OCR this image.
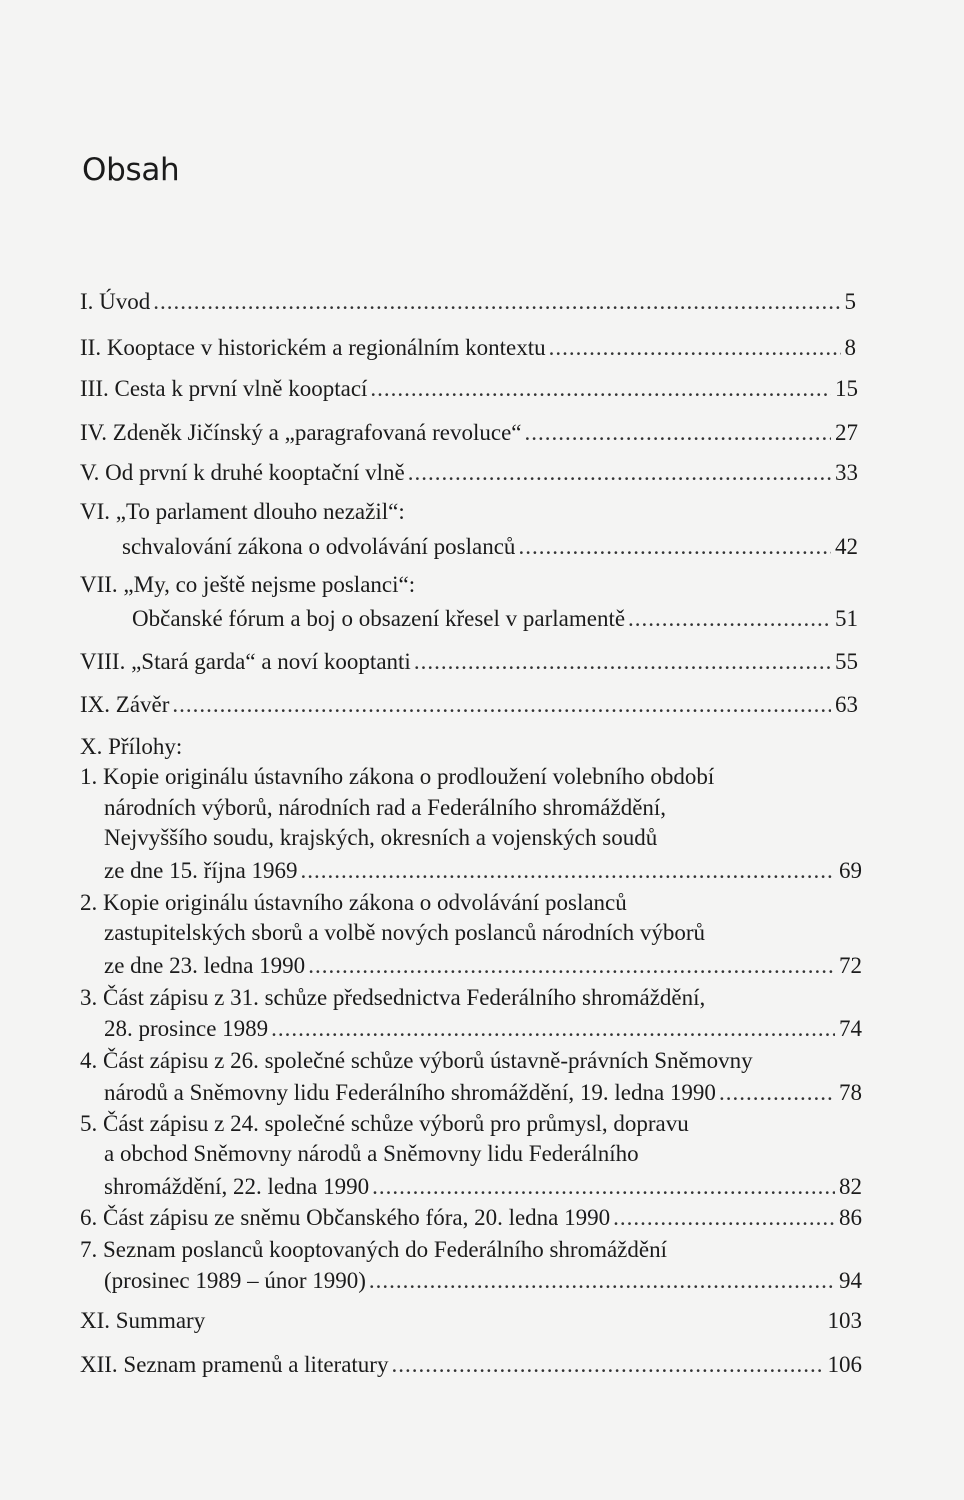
Obsah
I. Úvod .....	5
II. Kooptace v historickém a regionálním kontextu .....	8
III. Cesta k první vlně kooptací .....	15
IV. Zdeněk Jičínský a „paragrafovaná revoluce“ .....	27
V. Od první k druhé kooptační vlně .....	33
VI. „To parlament dlouho nezažil“:
schvalování zákona o odvolávání poslanců .....	42
VII. „My, co ještě nejsme poslanci“:
Občanské fórum a boj o obsazení křesel v parlamentě .....	51
VIII. „Stará garda“ a noví kooptanti .....	55
IX. Závěr .....	63
X. Přílohy:
1. Kopie originálu ústavního zákona o prodloužení volebního období
národních výborů, národních rad a Federálního shromáždění,
Nejvyššího soudu, krajských, okresních a vojenských soudů
ze dne 15. října 1969 .....	69
2. Kopie originálu ústavního zákona o odvolávání poslanců
zastupitelských sborů a volbě nových poslanců národních výborů
ze dne 23. ledna 1990 .....	72
3. Část zápisu z 31. schůze předsednictva Federálního shromáždění,
28. prosince 1989 .....	74
4. Část zápisu z 26. společné schůze výborů ústavně-právních Sněmovny
národů a Sněmovny lidu Federálního shromáždění, 19. ledna 1990 .....	78
5. Část zápisu z 24. společné schůze výborů pro průmysl, dopravu
a obchod Sněmovny národů a Sněmovny lidu Federálního
shromáždění, 22. ledna 1990 .....	82
6. Část zápisu ze sněmu Občanského fóra, 20. ledna 1990 .....	86
7. Seznam poslanců kooptovaných do Federálního shromáždění
(prosinec 1989 – únor 1990) .....	94
XI. Summary	103
XII. Seznam pramenů a literatury .....	106
